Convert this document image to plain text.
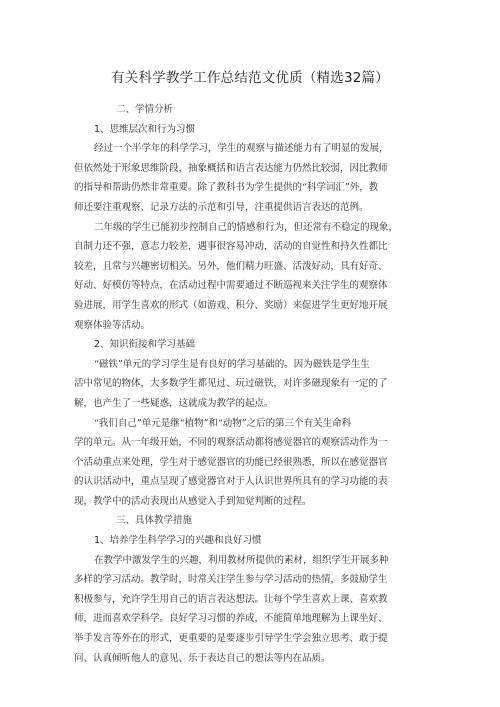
有关科学教学工作总结范文优质（精选32篇）

二、学情分析

1、思维层次和行为习惯

经过一个半学年的科学学习，学生的观察与描述能力有了明显的发展，

但依然处于形象思维阶段，抽象概括和语言表达能力仍然比较弱，因比教师

的指导和帮助仍然非常重要。除了教科书为学生提供的“科学词汇”外，教

师还要注重观察、记录方法的示范和引导，注重提供语言表达的范例。

二年级的学生已能初步控制自己的情感和行为，但还常有不稳定的现象，

自制力还不强，意志力较差，遇事很容易冲动，活动的自觉性和持久性都比

较差，且常与兴趣密切相关。另外，他们精力旺盛、活泼好动，具有好奇、

好动、好模仿等特点，在活动过程中需要通过不断巡视来关注学生的观察体

验进展，用学生喜欢的形式（如游戏、积分、奖励）来促进学生更好地开展

观察体验等活动。

2、知识衔接和学习基础

“磁铁”单元的学习学生是有良好的学习基础的。因为磁铁是学生生

活中常见的物体，大多数学生都见过、玩过磁铁，对许多磁现象有一定的了

解，也产生了一些疑惑，这就成为教学的起点。

“我们自己”单元是继“植物”和“动物”之后的第三个有关生命科

学的单元。从一年级开始，不同的观察活动都将感觉器官的观察活动作为一

个活动重点来处理，学生对于感觉器官的功能已经很熟悉，所以在感觉器官

的认识活动中，重点呈现了感觉器官对于人认识世界所具有的学习功能的表

现，教学中的活动表现出从感觉入手到知觉判断的过程。

三、具体教学措施

1、培养学生科学学习的兴趣和良好习惯

在教学中激发学生的兴趣，利用教材所提供的素材，组织学生开展多种

多样的学习活动。教学时，时常关注学生参与学习活动的热情，多鼓励学生

积极参与，允许学生用自己的语言表达想法。让每个学生喜欢上课、喜欢教

师，进而喜欢学科学。良好学习习惯的养成，不能简单地理解为上课坐好、

举手发言等外在的形式，更重要的是要逐步引导学生学会独立思考、敢于提

问、认真倾听他人的意见、乐于表达自己的想法等内在品质。
